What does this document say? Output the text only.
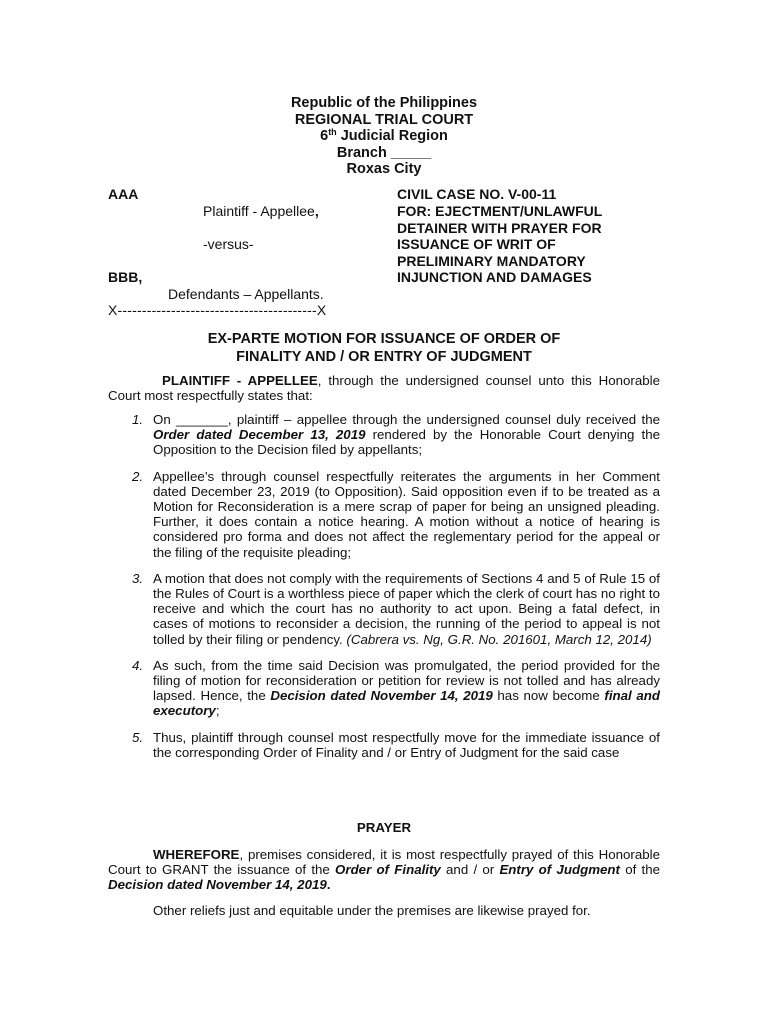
Republic of the Philippines
REGIONAL TRIAL COURT
6th Judicial Region
Branch _____
Roxas City
AAA
Plaintiff - Appellee,
-versus-
BBB,
Defendants – Appellants.
X-----------------------------------------X
CIVIL CASE NO. V-00-11
FOR: EJECTMENT/UNLAWFUL
DETAINER WITH PRAYER FOR
ISSUANCE OF WRIT OF
PRELIMINARY MANDATORY
INJUNCTION AND DAMAGES
EX-PARTE MOTION FOR ISSUANCE OF ORDER OF
FINALITY AND / OR ENTRY OF JUDGMENT
PLAINTIFF - APPELLEE, through the undersigned counsel unto this Honorable Court most respectfully states that:
1. On _______, plaintiff – appellee through the undersigned counsel duly received the Order dated December 13, 2019 rendered by the Honorable Court denying the Opposition to the Decision filed by appellants;
2. Appellee’s through counsel respectfully reiterates the arguments in her Comment dated December 23, 2019 (to Opposition). Said opposition even if to be treated as a Motion for Reconsideration is a mere scrap of paper for being an unsigned pleading. Further, it does contain a notice hearing. A motion without a notice of hearing is considered pro forma and does not affect the reglementary period for the appeal or the filing of the requisite pleading;
3. A motion that does not comply with the requirements of Sections 4 and 5 of Rule 15 of the Rules of Court is a worthless piece of paper which the clerk of court has no right to receive and which the court has no authority to act upon. Being a fatal defect, in cases of motions to reconsider a decision, the running of the period to appeal is not tolled by their filing or pendency. (Cabrera vs. Ng, G.R. No. 201601, March 12, 2014)
4. As such, from the time said Decision was promulgated, the period provided for the filing of motion for reconsideration or petition for review is not tolled and has already lapsed. Hence, the Decision dated November 14, 2019 has now become final and executory;
5. Thus, plaintiff through counsel most respectfully move for the immediate issuance of the corresponding Order of Finality and / or Entry of Judgment for the said case
PRAYER
WHEREFORE, premises considered, it is most respectfully prayed of this Honorable Court to GRANT the issuance of the Order of Finality and / or Entry of Judgment of the Decision dated November 14, 2019.
Other reliefs just and equitable under the premises are likewise prayed for.
